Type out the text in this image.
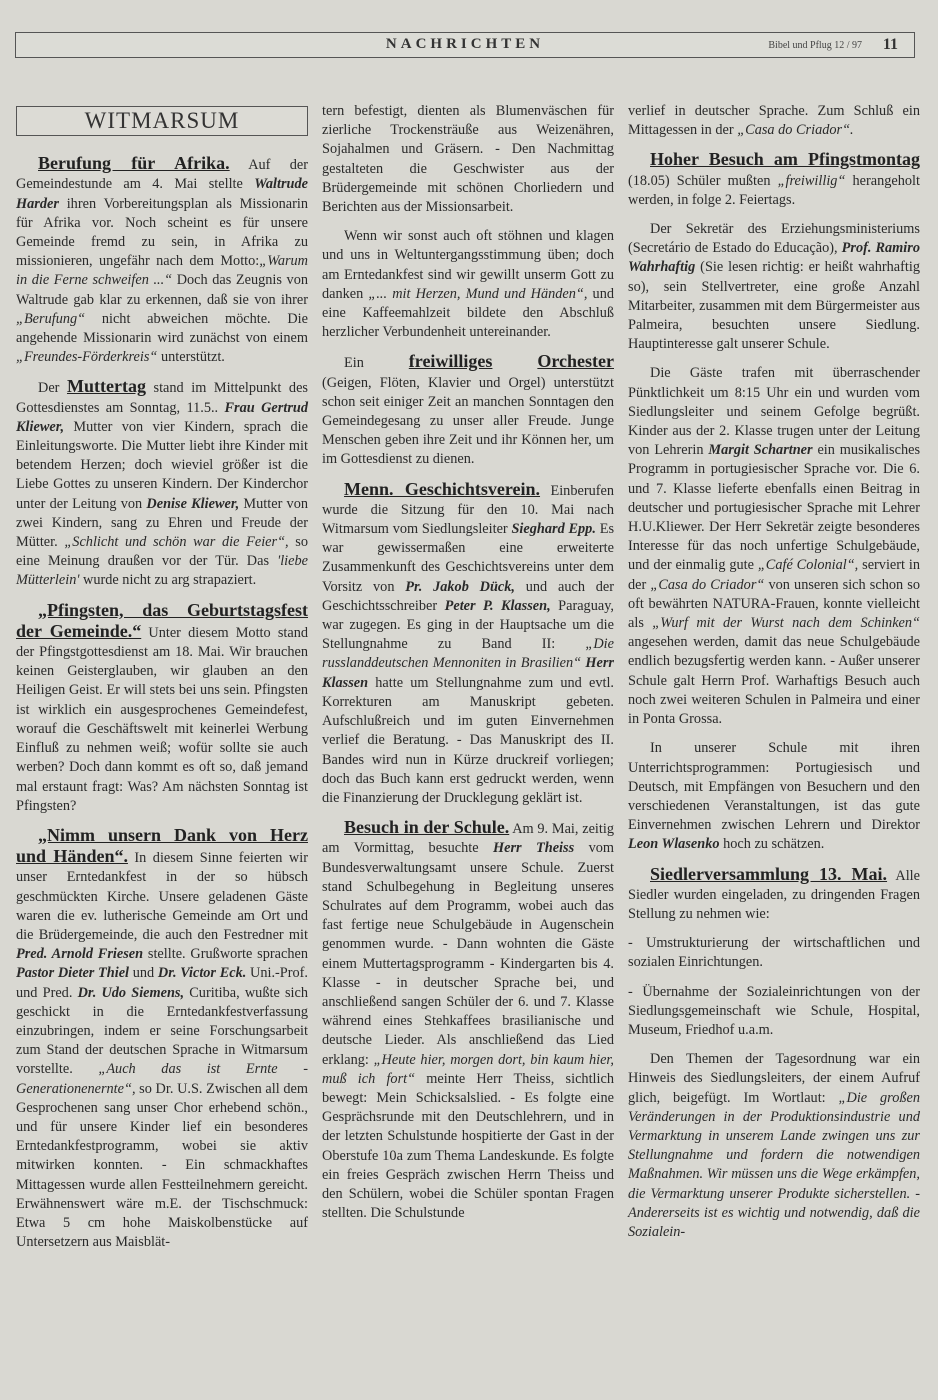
NACHRICHTEN	Bibel und Pflug 12 / 97 11
WITMARSUM

Berufung für Afrika. Auf der Gemeindestunde am 4. Mai stellte Waltrude Harder ihren Vorbereitungsplan als Missionarin für Afrika vor. Noch scheint es für unsere Gemeinde fremd zu sein, in Afrika zu missionieren, ungefähr nach dem Motto:„Warum in die Ferne schweifen ...“ Doch das Zeugnis von Waltrude gab klar zu erkennen, daß sie von ihrer „Berufung“ nicht abweichen möchte. Die angehende Missionarin wird zunächst von einem „Freundes-Förderkreis“ unterstützt.

Der Muttertag stand im Mittelpunkt des Gottesdienstes am Sonntag, 11.5.. Frau Gertrud Kliewer, Mutter von vier Kindern, sprach die Einleitungsworte. Die Mutter liebt ihre Kinder mit betendem Herzen; doch wieviel größer ist die Liebe Gottes zu unseren Kindern. Der Kinderchor unter der Leitung von Denise Kliewer, Mutter von zwei Kindern, sang zu Ehren und Freude der Mütter. „Schlicht und schön war die Feier“, so eine Meinung draußen vor der Tür. Das 'liebe Mütterlein' wurde nicht zu arg strapaziert.

„Pfingsten, das Geburtstagsfest der Gemeinde.“ Unter diesem Motto stand der Pfingstgottesdienst am 18. Mai. Wir brauchen keinen Geisterglauben, wir glauben an den Heiligen Geist. Er will stets bei uns sein. Pfingsten ist wirklich ein ausgesprochenes Gemeindefest, worauf die Geschäftswelt mit keinerlei Werbung Einfluß zu nehmen weiß; wofür sollte sie auch werben? Doch dann kommt es oft so, daß jemand mal erstaunt fragt: Was? Am nächsten Sonntag ist Pfingsten?

„Nimm unsern Dank von Herz und Händen“. In diesem Sinne feierten wir unser Erntedankfest in der so hübsch geschmückten Kirche. Unsere geladenen Gäste waren die ev. lutherische Gemeinde am Ort und die Brüdergemeinde, die auch den Festredner mit Pred. Arnold Friesen stellte. Grußworte sprachen Pastor Dieter Thiel und Dr. Victor Eck. Uni.-Prof. und Pred. Dr. Udo Siemens, Curitiba, wußte sich geschickt in die Erntedankfestverfassung einzubringen, indem er seine Forschungsarbeit zum Stand der deutschen Sprache in Witmarsum vorstellte. „Auch das ist Ernte - Generationenernte“, so Dr. U.S. Zwischen all dem Gesprochenen sang unser Chor erhebend schön., und für unsere Kinder lief ein besonderes Erntedankfestprogramm, wobei sie aktiv mitwirken konnten. - Ein schmackhaftes Mittagessen wurde allen Festteilnehmern gereicht. Erwähnenswert wäre m.E. der Tischschmuck: Etwa 5 cm hohe Maiskolbenstücke auf Untersetzern aus Maisblät-

tern befestigt, dienten als Blumenväschen für zierliche Trockensträuße aus Weizenähren, Sojahalmen und Gräsern. - Den Nachmittag gestalteten die Geschwister aus der Brüdergemeinde mit schönen Chorliedern und Berichten aus der Missionsarbeit.

Wenn wir sonst auch oft stöhnen und klagen und uns in Weltuntergangsstimmung üben; doch am Erntedankfest sind wir gewillt unserm Gott zu danken „... mit Herzen, Mund und Händen“, und eine Kaffeemahlzeit bildete den Abschluß herzlicher Verbundenheit untereinander.

Ein freiwilliges Orchester

(Geigen, Flöten, Klavier und Orgel) unterstützt schon seit einiger Zeit an manchen Sonntagen den Gemeindegesang zu unser aller Freude. Junge Menschen geben ihre Zeit und ihr Können her, um im Gottesdienst zu dienen.

Menn. Geschichtsverein. Einberufen wurde die Sitzung für den 10. Mai nach Witmarsum vom Siedlungsleiter Sieghard Epp. Es war gewissermaßen eine erweiterte Zusammenkunft des Geschichtsvereins unter dem Vorsitz von Pr. Jakob Dück, und auch der Geschichtsschreiber Peter P. Klassen, Paraguay, war zugegen. Es ging in der Hauptsache um die Stellungnahme zu Band II: „Die russlanddeutschen Mennoniten in Brasilien“ Herr Klassen hatte um Stellungnahme zum und evtl. Korrekturen am Manuskript gebeten. Aufschlußreich und im guten Einvernehmen verlief die Beratung. - Das Manuskript des II. Bandes wird nun in Kürze druckreif vorliegen; doch das Buch kann erst gedruckt werden, wenn die Finanzierung der Drucklegung geklärt ist.

Besuch in der Schule. Am 9. Mai, zeitig am Vormittag, besuchte Herr Theiss vom Bundesverwaltungsamt unsere Schule. Zuerst stand Schulbegehung in Begleitung unseres Schulrates auf dem Programm, wobei auch das fast fertige neue Schulgebäude in Augenschein genommen wurde. - Dann wohnten die Gäste einem Muttertagsprogramm - Kindergarten bis 4. Klasse - in deutscher Sprache bei, und anschließend sangen Schüler der 6. und 7. Klasse während eines Stehkaffees brasilianische und deutsche Lieder. Als anschließend das Lied erklang: „Heute hier, morgen dort, bin kaum hier, muß ich fort“ meinte Herr Theiss, sichtlich bewegt: Mein Schicksalslied. - Es folgte eine Gesprächsrunde mit den Deutschlehrern, und in der letzten Schulstunde hospitierte der Gast in der Oberstufe 10a zum Thema Landeskunde. Es folgte ein freies Gespräch zwischen Herrn Theiss und den Schülern, wobei die Schüler spontan Fragen stellten. Die Schulstunde

verlief in deutscher Sprache. Zum Schluß ein Mittagessen in der „Casa do Criador“.

Hoher Besuch am Pfingstmontag (18.05) Schüler mußten „freiwillig“ herangeholt werden, in folge 2. Feiertags.

Der Sekretär des Erziehungsministeriums (Secretário de Estado do Educação), Prof. Ramiro Wahrhaftig (Sie lesen richtig: er heißt wahrhaftig so), sein Stellvertreter, eine große Anzahl Mitarbeiter, zusammen mit dem Bürgermeister aus Palmeira, besuchten unsere Siedlung. Hauptinteresse galt unserer Schule.

Die Gäste trafen mit überraschender Pünktlichkeit um 8:15 Uhr ein und wurden vom Siedlungsleiter und seinem Gefolge begrüßt. Kinder aus der 2. Klasse trugen unter der Leitung von Lehrerin Margit Schartner ein musikalisches Programm in portugiesischer Sprache vor. Die 6. und 7. Klasse lieferte ebenfalls einen Beitrag in deutscher und portugiesischer Sprache mit Lehrer H.U.Kliewer. Der Herr Sekretär zeigte besonderes Interesse für das noch unfertige Schulgebäude, und der einmalig gute „Café Colonial“, serviert in der „Casa do Criador“ von unseren sich schon so oft bewährten NATURA-Frauen, konnte vielleicht als „Wurf mit der Wurst nach dem Schinken“ angesehen werden, damit das neue Schulgebäude endlich bezugsfertig werden kann. - Außer unserer Schule galt Herrn Prof. Warhaftigs Besuch auch noch zwei weiteren Schulen in Palmeira und einer in Ponta Grossa.

In unserer Schule mit ihren Unterrichtsprogrammen: Portugiesisch und Deutsch, mit Empfängen von Besuchern und den verschiedenen Veranstaltungen, ist das gute Einvernehmen zwischen Lehrern und Direktor Leon Wlasenko hoch zu schätzen.

Siedlerversammlung 13. Mai. Alle Siedler wurden eingeladen, zu dringenden Fragen Stellung zu nehmen wie:

- Umstrukturierung der wirtschaftlichen und sozialen Einrichtungen.

- Übernahme der Sozialeinrichtungen von der Siedlungsgemeinschaft wie Schule, Hospital, Museum, Friedhof u.a.m.

Den Themen der Tagesordnung war ein Hinweis des Siedlungsleiters, der einem Aufruf glich, beigefügt. Im Wortlaut: „Die großen Veränderungen in der Produktionsindustrie und Vermarktung in unserem Lande zwingen uns zur Stellungnahme und fordern die notwendigen Maßnahmen. Wir müssen uns die Wege erkämpfen, die Vermarktung unserer Produkte sicherstellen. - Andererseits ist es wichtig und notwendig, daß die Sozialein-
